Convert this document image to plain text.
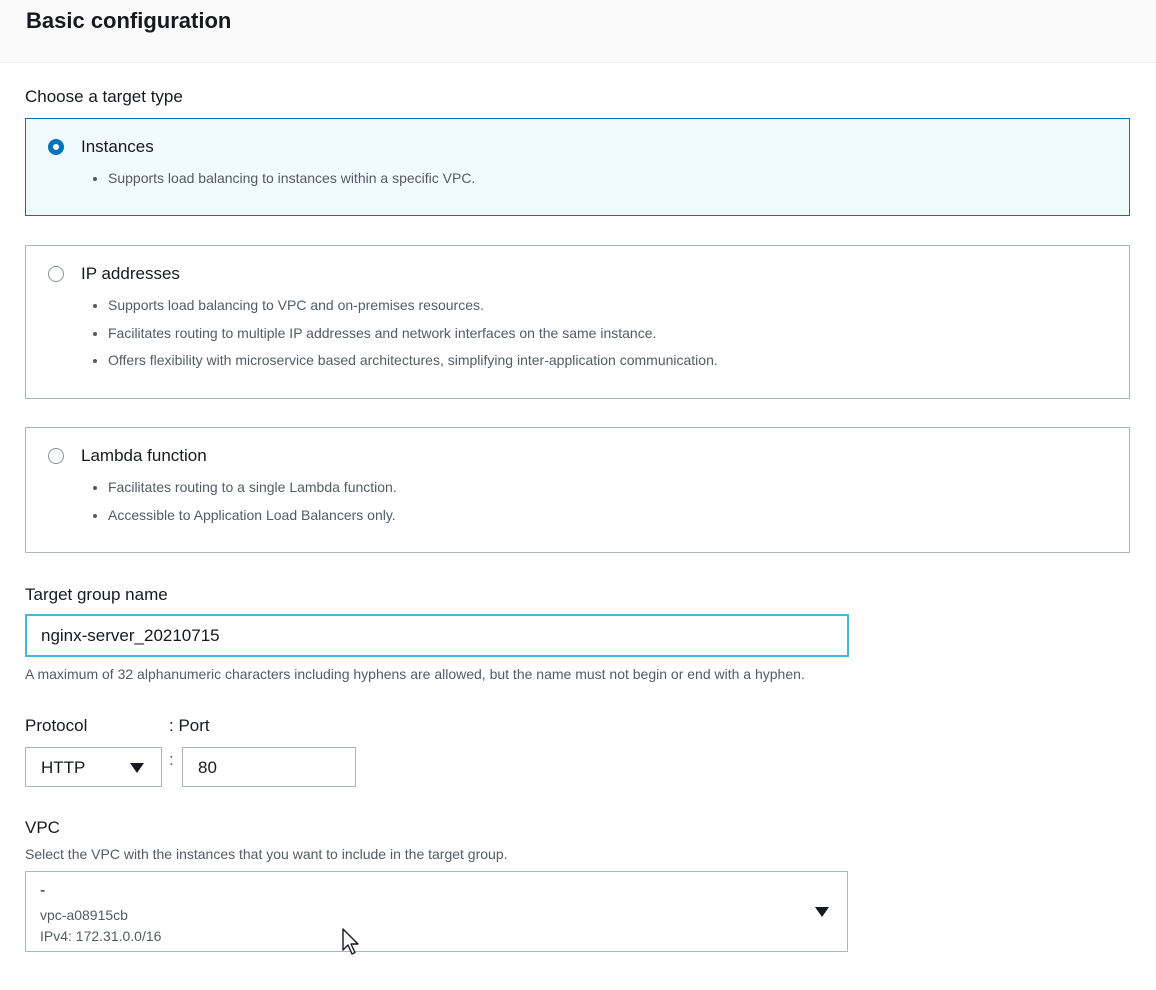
Basic configuration
Choose a target type
Instances
• Supports load balancing to instances within a specific VPC.
IP addresses
• Supports load balancing to VPC and on-premises resources.
• Facilitates routing to multiple IP addresses and network interfaces on the same instance.
• Offers flexibility with microservice based architectures, simplifying inter-application communication.
Lambda function
• Facilitates routing to a single Lambda function.
• Accessible to Application Load Balancers only.
Target group name
nginx-server_20210715
A maximum of 32 alphanumeric characters including hyphens are allowed, but the name must not begin or end with a hyphen.
Protocol	: Port
HTTP	: 80
VPC
Select the VPC with the instances that you want to include in the target group.
-
vpc-a08915cb
IPv4: 172.31.0.0/16
